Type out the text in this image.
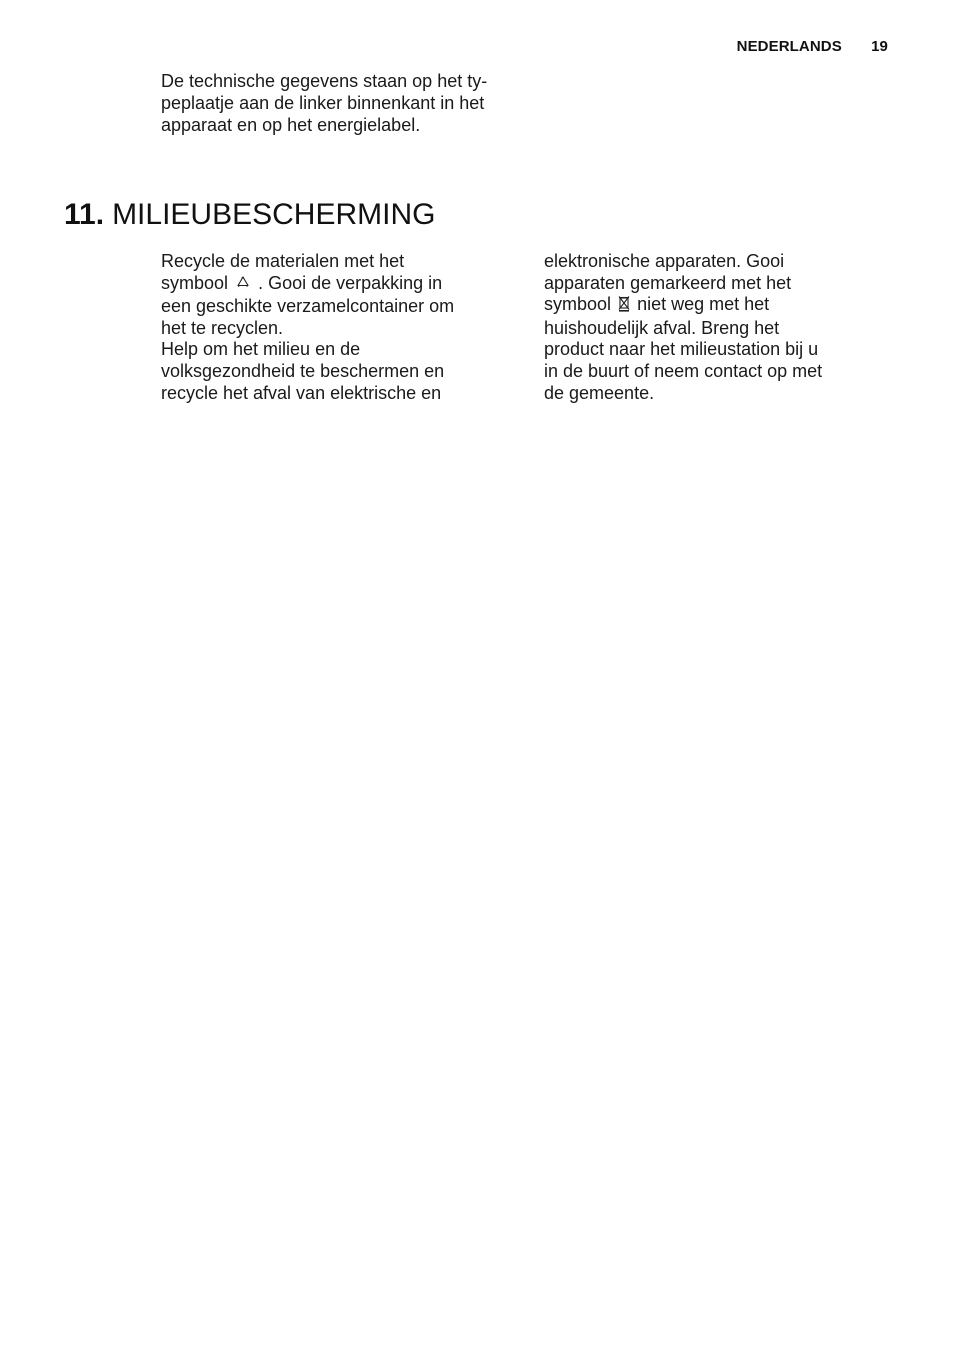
NEDERLANDS 19

De technische gegevens staan op het ty-

peplaatje aan de linker binnenkant in het

apparaat en op het energielabel.

11. MILIEUBESCHERMING

Recycle de materialen met het

symbool . Gooi de verpakking in

een geschikte verzamelcontainer om

het te recyclen.

Help om het milieu en de

volksgezondheid te beschermen en

recycle het afval van elektrische en

elektronische apparaten. Gooi

apparaten gemarkeerd met het

symbool niet weg met het

huishoudelijk afval. Breng het

product naar het milieustation bij u

in de buurt of neem contact op met

de gemeente.
